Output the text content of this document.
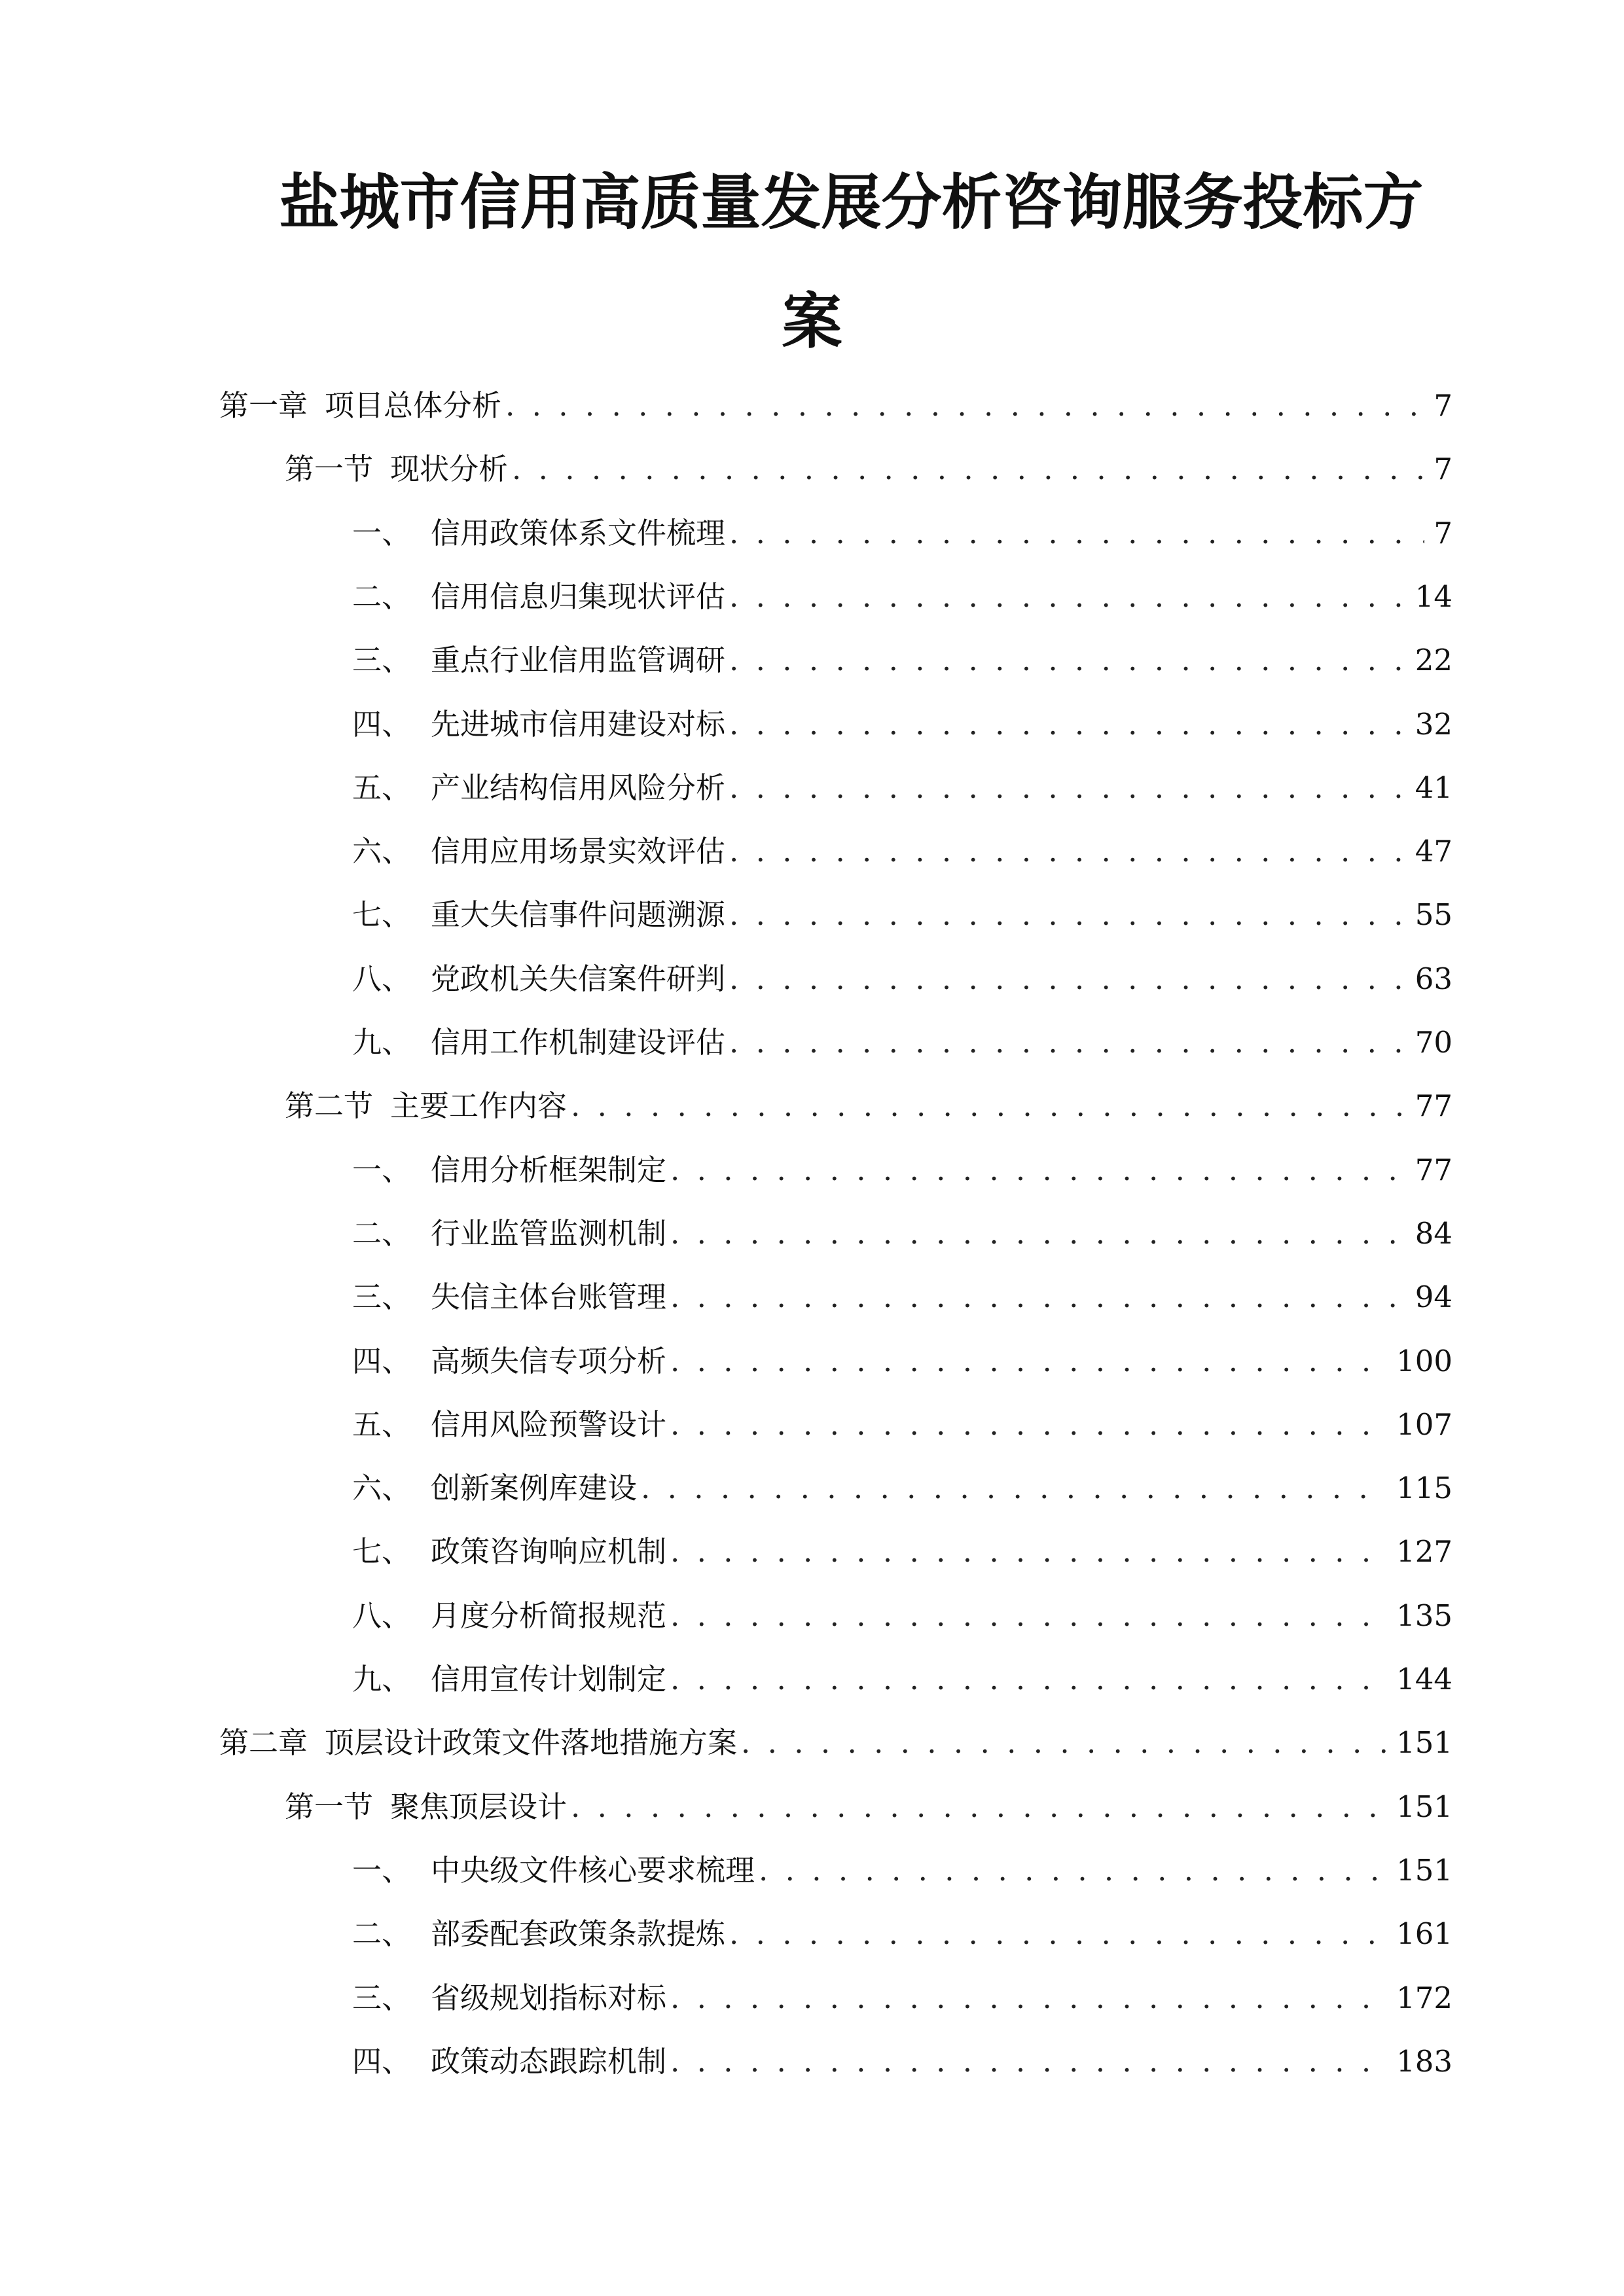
盐城市信用高质量发展分析咨询服务投标方
案
第一章 项目总体分析 . . .	7
第一节 现状分析 . . .	7
一、 信用政策体系文件梳理 . . .	7
二、 信用信息归集现状评估 . . .	14
三、 重点行业信用监管调研 . . .	22
四、 先进城市信用建设对标 . . .	32
五、 产业结构信用风险分析 . . .	41
六、 信用应用场景实效评估 . . .	47
七、 重大失信事件问题溯源 . . .	55
八、 党政机关失信案件研判 . . .	63
九、 信用工作机制建设评估 . . .	70
第二节 主要工作内容 . . .	77
一、 信用分析框架制定 . . .	77
二、 行业监管监测机制 . . .	84
三、 失信主体台账管理 . . .	94
四、 高频失信专项分析 . . .	100
五、 信用风险预警设计 . . .	107
六、 创新案例库建设 . . .	115
七、 政策咨询响应机制 . . .	127
八、 月度分析简报规范 . . .	135
九、 信用宣传计划制定 . . .	144
第二章 顶层设计政策文件落地措施方案 . . .	151
第一节 聚焦顶层设计 . . .	151
一、 中央级文件核心要求梳理 . . .	151
二、 部委配套政策条款提炼 . . .	161
三、 省级规划指标对标 . . .	172
四、 政策动态跟踪机制 . . .	183
